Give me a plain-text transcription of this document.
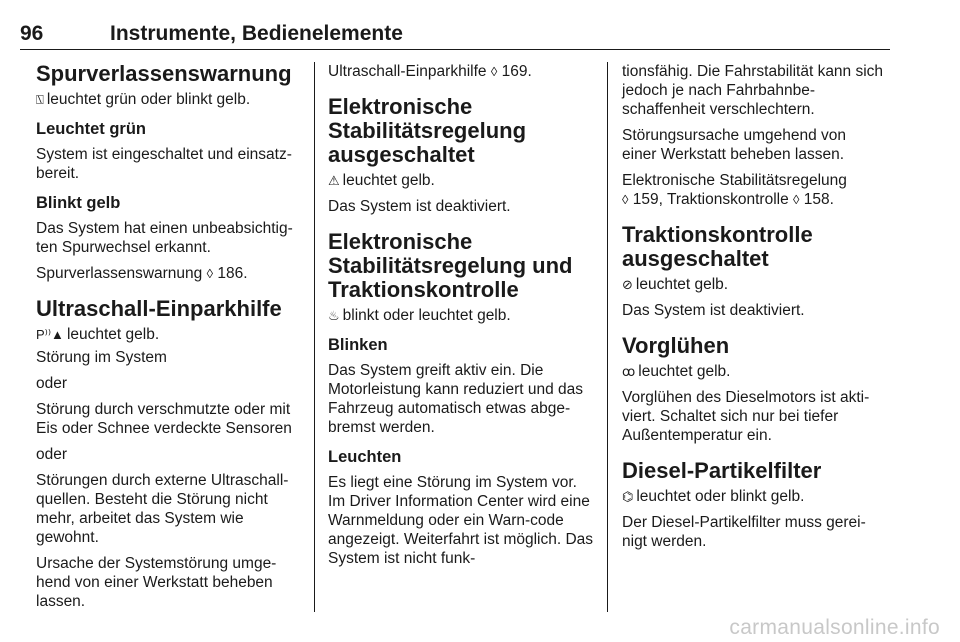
96	Instrumente, Bedienelemente
Spurverlassenswarnung

⍂ leuchtet grün oder blinkt gelb.

Leuchtet grün

System ist eingeschaltet und einsatz-bereit.

Blinkt gelb

Das System hat einen unbeabsichtig-ten Spurwechsel erkannt.

Spurverlassenswarnung ◊ 186.

Ultraschall-Einparkhilfe

P⁾⁾▲ leuchtet gelb.

Störung im System

oder

Störung durch verschmutzte oder mit Eis oder Schnee verdeckte Sensoren

oder

Störungen durch externe Ultraschall-quellen. Besteht die Störung nicht mehr, arbeitet das System wie gewohnt.

Ursache der Systemstörung umge-hend von einer Werkstatt beheben lassen.

Ultraschall-Einparkhilfe ◊ 169.

Elektronische Stabilitätsregelung ausgeschaltet

⚠ leuchtet gelb.

Das System ist deaktiviert.

Elektronische Stabilitätsregelung und Traktionskontrolle

♨ blinkt oder leuchtet gelb.

Blinken

Das System greift aktiv ein. Die Motorleistung kann reduziert und das Fahrzeug automatisch etwas abge-bremst werden.

Leuchten

Es liegt eine Störung im System vor. Im Driver Information Center wird eine Warnmeldung oder ein Warn-code angezeigt. Weiterfahrt ist möglich. Das System ist nicht funk-

tionsfähig. Die Fahrstabilität kann sich jedoch je nach Fahrbahnbe-schaffenheit verschlechtern.

Störungsursache umgehend von einer Werkstatt beheben lassen.

Elektronische Stabilitätsregelung
◊ 159, Traktionskontrolle ◊ 158.

Traktionskontrolle ausgeschaltet

⊘ leuchtet gelb.

Das System ist deaktiviert.

Vorglühen

ꝏ leuchtet gelb.

Vorglühen des Dieselmotors ist akti-viert. Schaltet sich nur bei tiefer Außentemperatur ein.

Diesel-Partikelfilter

⌬ leuchtet oder blinkt gelb.

Der Diesel-Partikelfilter muss gerei-nigt werden.

carmanualsonline.info
